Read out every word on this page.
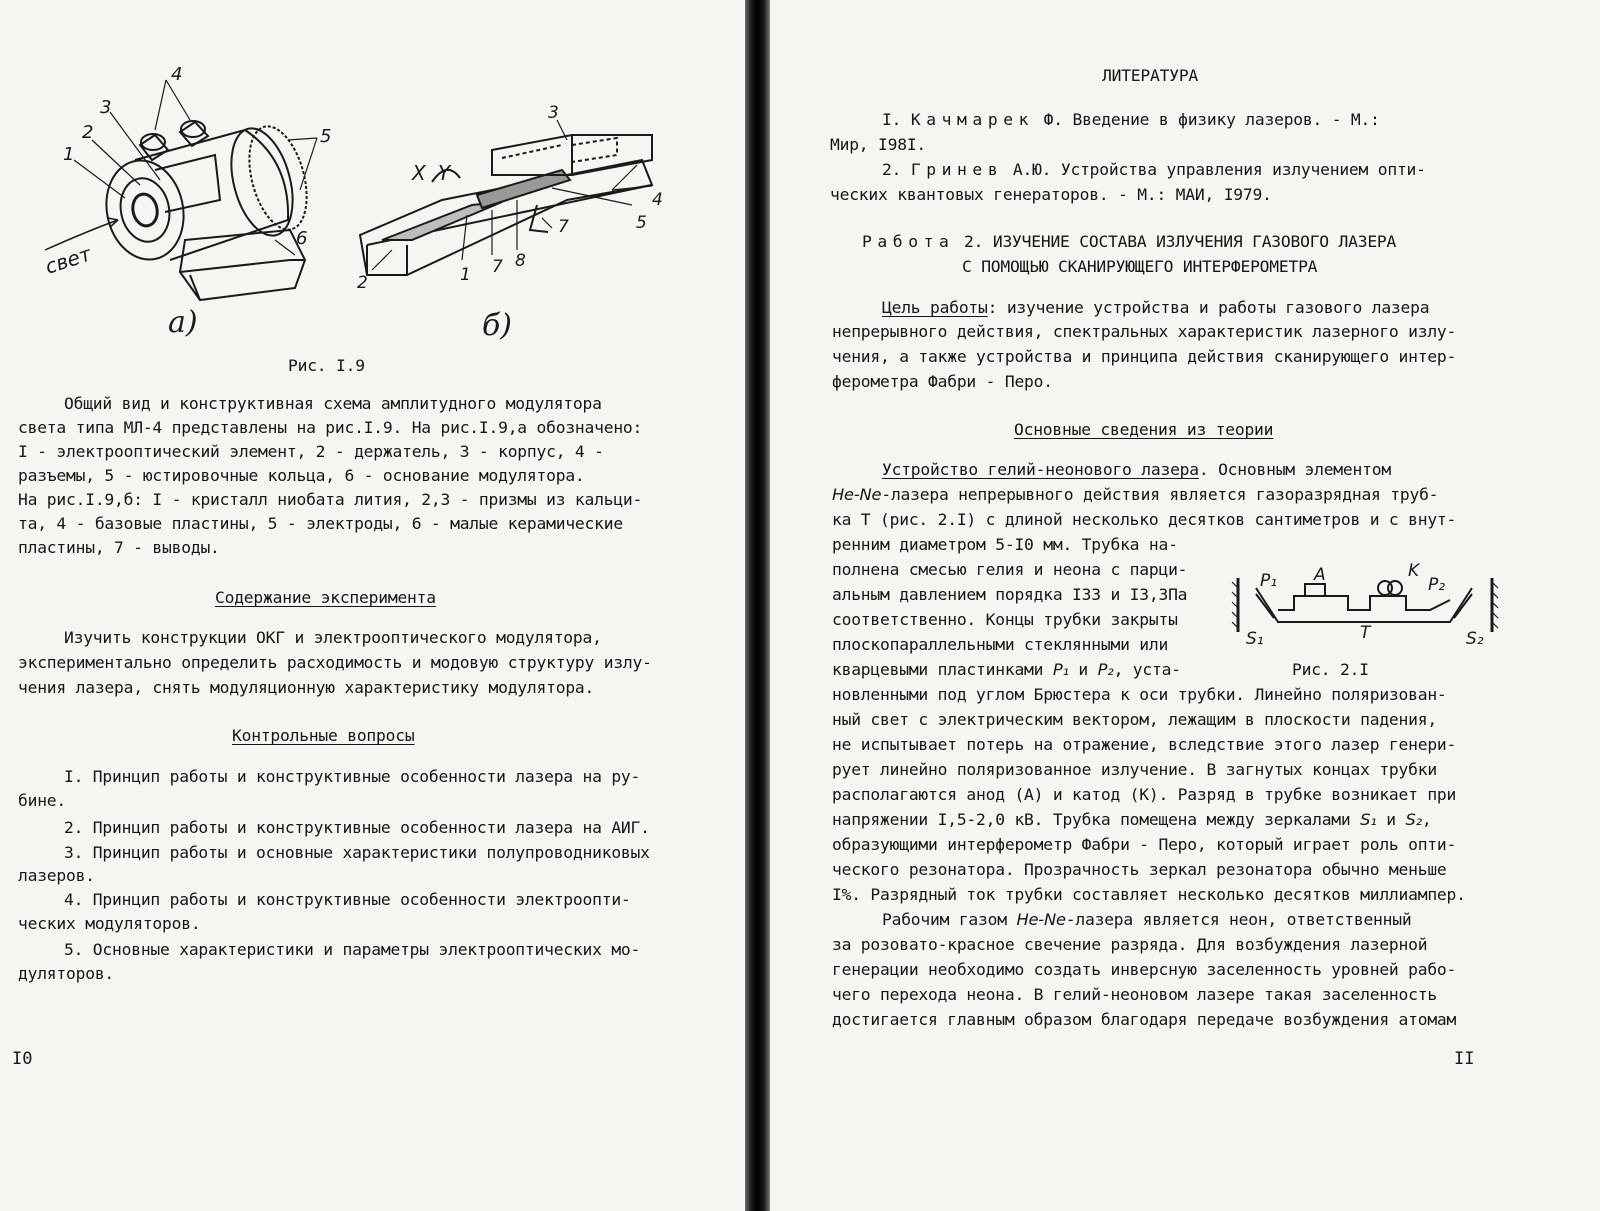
4
3
2
1
5
6
свет
а)
X Y
3
4
5
7
1 7 8
2
б)
Рис. I.9
Общий вид и конструктивная схема амплитудного модулятора
света типа МЛ-4 представлены на рис.I.9. На рис.I.9,а обозначено:
I - электрооптический элемент, 2 - держатель, 3 - корпус, 4 -
разъемы, 5 - юстировочные кольца, 6 - основание модулятора.
На рис.I.9,б: I - кристалл ниобата лития, 2,3 - призмы из кальци-
та, 4 - базовые пластины, 5 - электроды, 6 - малые керамические
пластины, 7 - выводы.
Содержание эксперимента
Изучить конструкции ОКГ и электрооптического модулятора,
экспериментально определить расходимость и модовую структуру излу-
чения лазера, снять модуляционную характеристику модулятора.
Контрольные вопросы
I. Принцип работы и конструктивные особенности лазера на ру-
бине.
2. Принцип работы и конструктивные особенности лазера на АИГ.
3. Принцип работы и основные характеристики полупроводниковых
лазеров.
4. Принцип работы и конструктивные особенности электроопти-
ческих модуляторов.
5. Основные характеристики и параметры электрооптических мо-
дуляторов.
I0
ЛИТЕРАТУРА
I. Качмарек Ф. Введение в физику лазеров. - М.:
Мир, I98I.
2. Гринев А.Ю. Устройства управления излучением опти-
ческих квантовых генераторов. - М.: МАИ, I979.
Работа 2. ИЗУЧЕНИЕ СОСТАВА ИЗЛУЧЕНИЯ ГАЗОВОГО ЛАЗЕРА
С ПОМОЩЬЮ СКАНИРУЮЩЕГО ИНТЕРФЕРОМЕТРА
Цель работы: изучение устройства и работы газового лазера
непрерывного действия, спектральных характеристик лазерного излу-
чения, а также устройства и принципа действия сканирующего интер-
ферометра Фабри - Перо.
Основные сведения из теории
Устройство гелий-неонового лазера. Основным элементом
He-Ne-лазера непрерывного действия является газоразрядная труб-
ка T (рис. 2.I) с длиной несколько десятков сантиметров и с внут-
ренним диаметром 5-I0 мм. Трубка на-
полнена смесью гелия и неона с парци-
альным давлением порядка I33 и I3,3Па
соответственно. Концы трубки закрыты
плоскопараллельными стеклянными или
кварцевыми пластинками P₁ и P₂, уста-
P₁ A	K
P₂
T
S₁	S₂
Рис. 2.I
новленными под углом Брюстера к оси трубки. Линейно поляризован-
ный свет с электрическим вектором, лежащим в плоскости падения,
не испытывает потерь на отражение, вследствие этого лазер генери-
рует линейно поляризованное излучение. В загнутых концах трубки
располагаются анод (A) и катод (K). Разряд в трубке возникает при
напряжении I,5-2,0 кВ. Трубка помещена между зеркалами S₁ и S₂,
образующими интерферометр Фабри - Перо, который играет роль опти-
ческого резонатора. Прозрачность зеркал резонатора обычно меньше
I%. Разрядный ток трубки составляет несколько десятков миллиампер.
Рабочим газом He-Ne-лазера является неон, ответственный
за розовато-красное свечение разряда. Для возбуждения лазерной
генерации необходимо создать инверсную заселенность уровней рабо-
чего перехода неона. В гелий-неоновом лазере такая заселенность
достигается главным образом благодаря передаче возбуждения атомам
II
